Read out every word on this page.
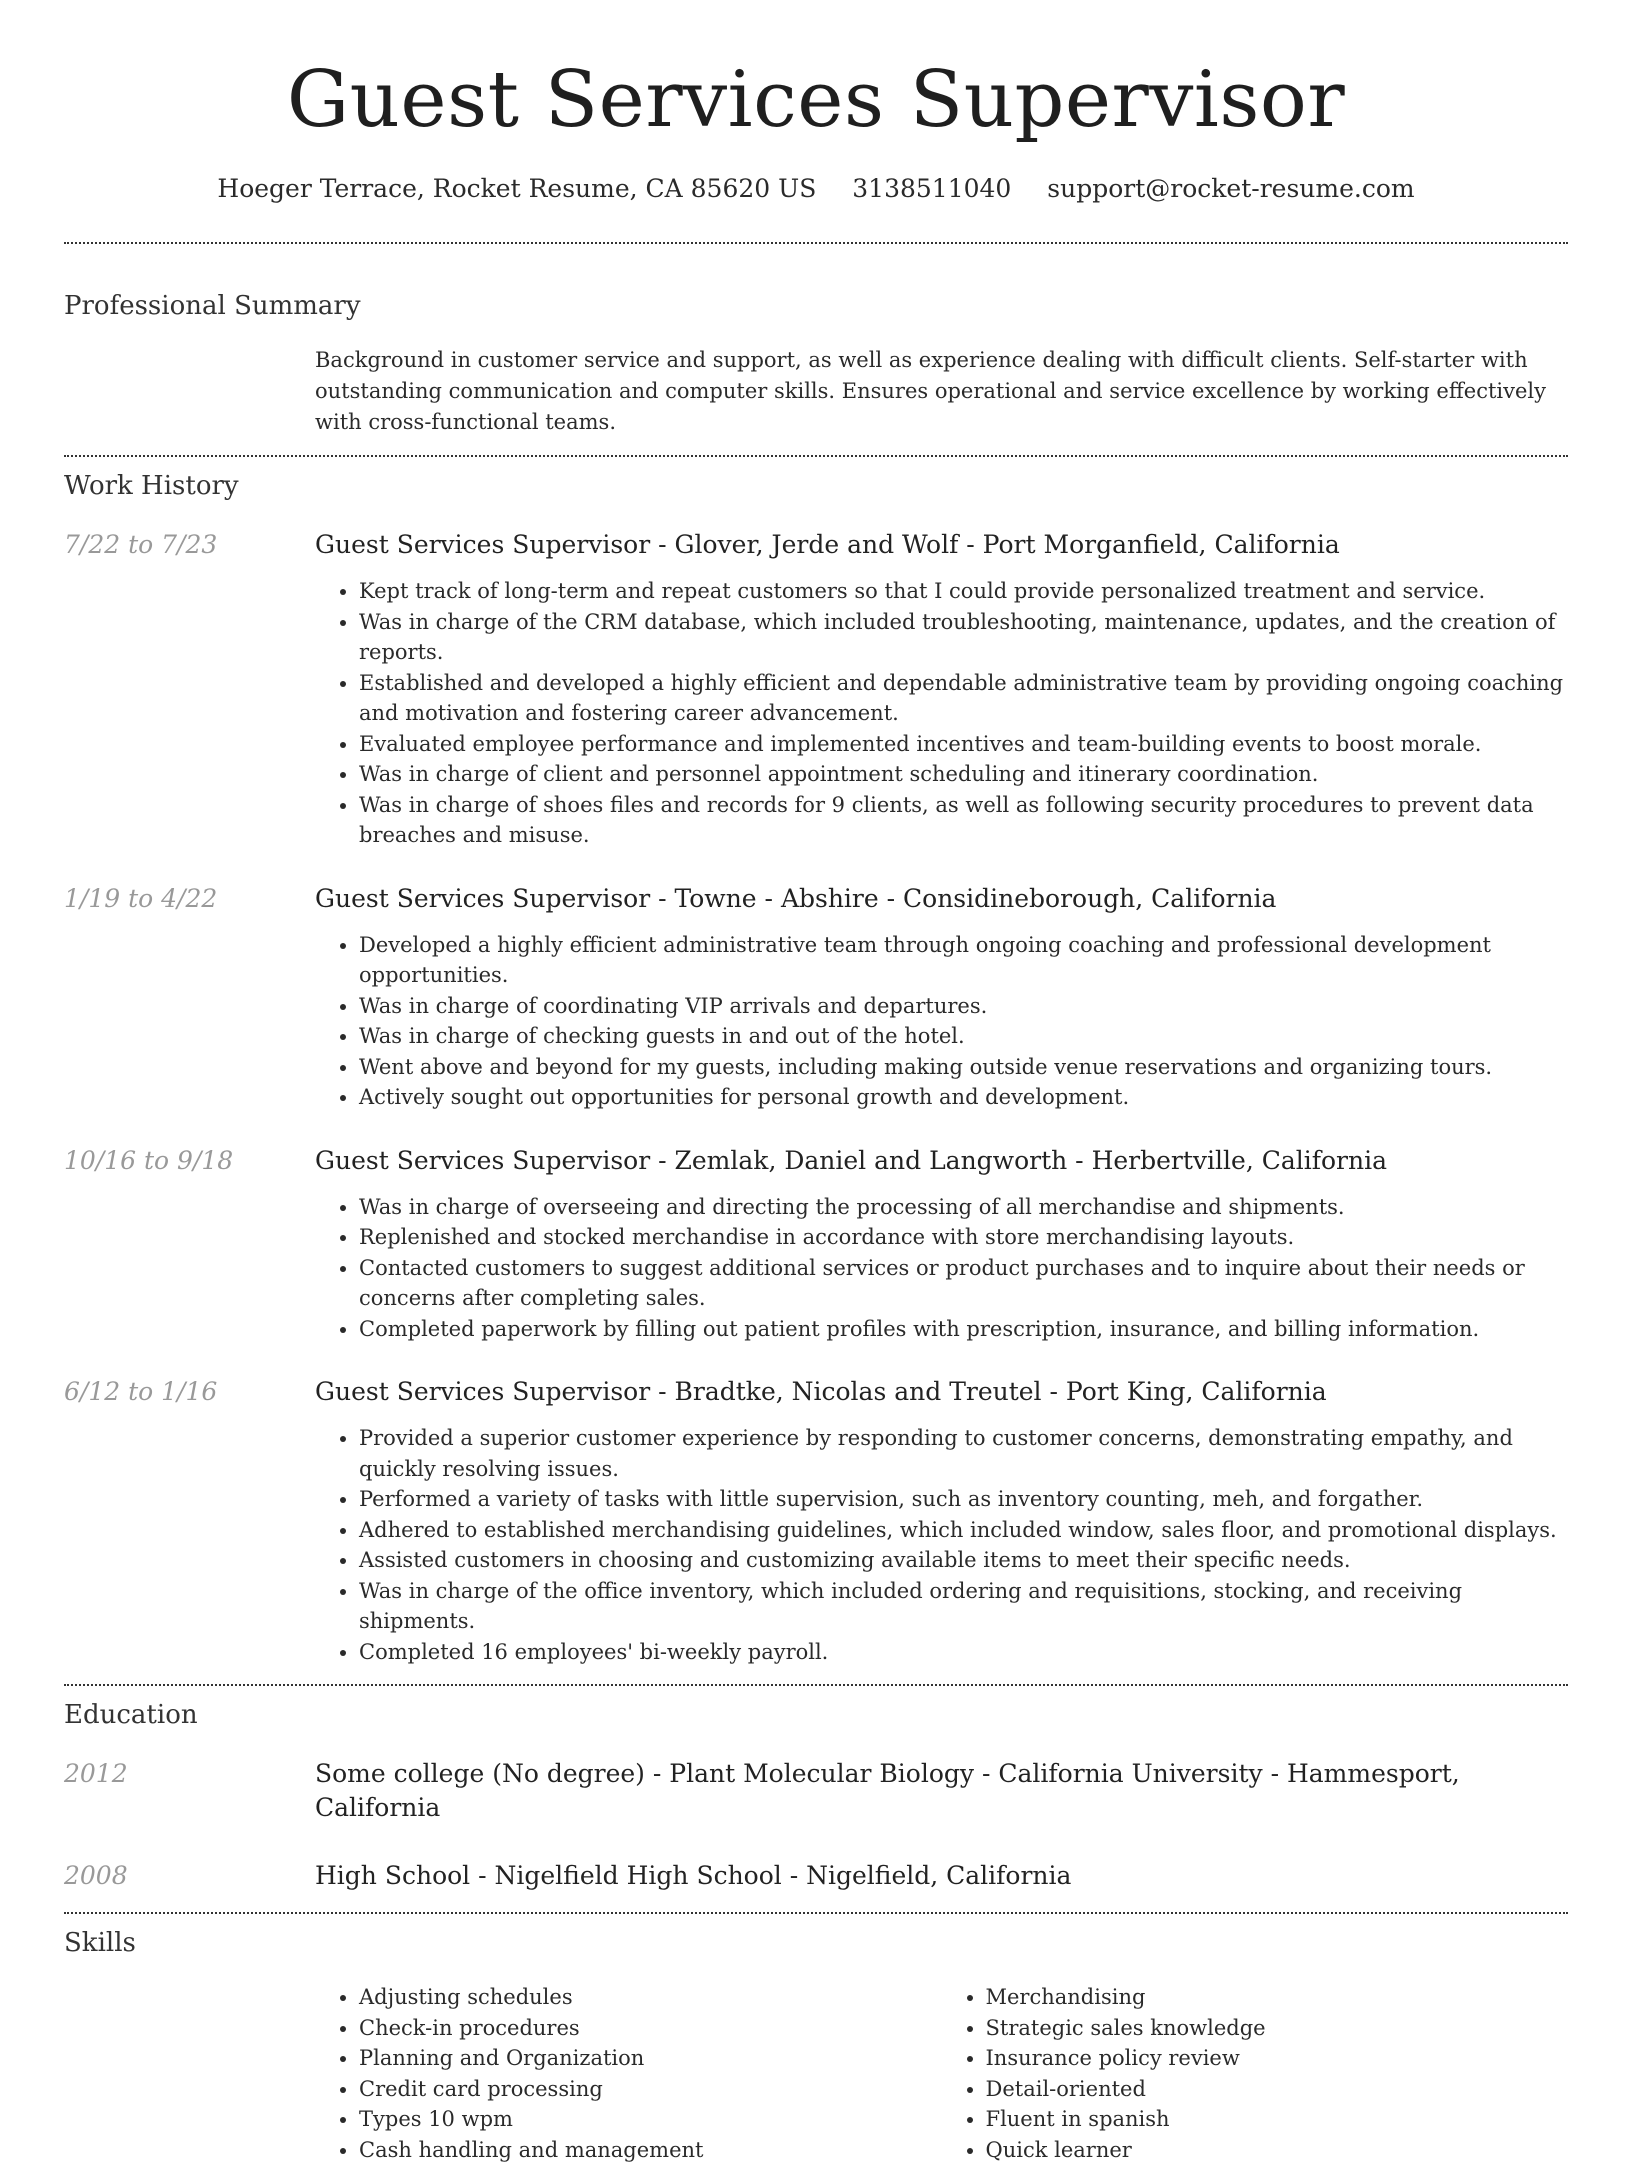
Guest Services Supervisor
Hoeger Terrace, Rocket Resume, CA 85620 US 3138511040 support@rocket-resume.com
Professional Summary
Background in customer service and support, as well as experience dealing with difficult clients. Self-starter with outstanding communication and computer skills. Ensures operational and service excellence by working effectively with cross-functional teams.
Work History
7/22 to 7/23	Guest Services Supervisor - Glover, Jerde and Wolf - Port Morganfield, California
• Kept track of long-term and repeat customers so that I could provide personalized treatment and service.
• Was in charge of the CRM database, which included troubleshooting, maintenance, updates, and the creation of reports.
• Established and developed a highly efficient and dependable administrative team by providing ongoing coaching and motivation and fostering career advancement.
• Evaluated employee performance and implemented incentives and team-building events to boost morale.
• Was in charge of client and personnel appointment scheduling and itinerary coordination.
• Was in charge of shoes files and records for 9 clients, as well as following security procedures to prevent data breaches and misuse.
1/19 to 4/22	Guest Services Supervisor - Towne - Abshire - Considineborough, California
• Developed a highly efficient administrative team through ongoing coaching and professional development opportunities.
• Was in charge of coordinating VIP arrivals and departures.
• Was in charge of checking guests in and out of the hotel.
• Went above and beyond for my guests, including making outside venue reservations and organizing tours.
• Actively sought out opportunities for personal growth and development.
10/16 to 9/18	Guest Services Supervisor - Zemlak, Daniel and Langworth - Herbertville, California
• Was in charge of overseeing and directing the processing of all merchandise and shipments.
• Replenished and stocked merchandise in accordance with store merchandising layouts.
• Contacted customers to suggest additional services or product purchases and to inquire about their needs or concerns after completing sales.
• Completed paperwork by filling out patient profiles with prescription, insurance, and billing information.
6/12 to 1/16	Guest Services Supervisor - Bradtke, Nicolas and Treutel - Port King, California
• Provided a superior customer experience by responding to customer concerns, demonstrating empathy, and quickly resolving issues.
• Performed a variety of tasks with little supervision, such as inventory counting, meh, and forgather.
• Adhered to established merchandising guidelines, which included window, sales floor, and promotional displays.
• Assisted customers in choosing and customizing available items to meet their specific needs.
• Was in charge of the office inventory, which included ordering and requisitions, stocking, and receiving shipments.
• Completed 16 employees' bi-weekly payroll.
Education
2012	Some college (No degree) - Plant Molecular Biology - California University - Hammesport, California
2008	High School - Nigelfield High School - Nigelfield, California
Skills
• Adjusting schedules
• Check-in procedures
• Planning and Organization
• Credit card processing
• Types 10 wpm
• Cash handling and management
• Merchandising
• Strategic sales knowledge
• Insurance policy review
• Detail-oriented
• Fluent in spanish
• Quick learner
